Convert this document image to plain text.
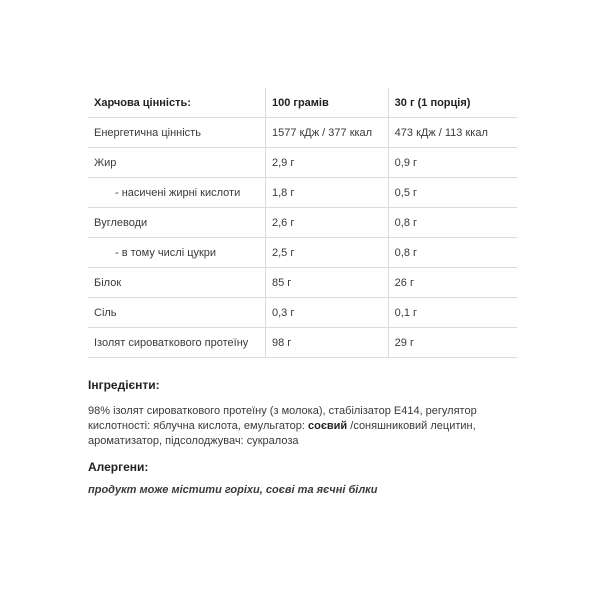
Харчова цінність:	100 грамів	30 г (1 порція)
Енергетична цінність	1577 кДж / 377 ккал	473 кДж / 113 ккал
Жир	2,9 г	0,9 г
- насичені жирні кислоти	1,8 г	0,5 г
Вуглеводи	2,6 г	0,8 г
- в тому числі цукри	2,5 г	0,8 г
Білок	85 г	26 г
Сіль	0,3 г	0,1 г
Ізолят сироваткового протеїну	98 г	29 г
Інгредієнти:
98% ізолят сироваткового протеїну (з молока), стабілізатор Е414, регулятор кислотності: яблучна кислота, емульгатор: соєвий /соняшниковий лецитин, ароматизатор, підсолоджувач: сукралоза
Алергени:
продукт може містити горіхи, соєві та яєчні білки
